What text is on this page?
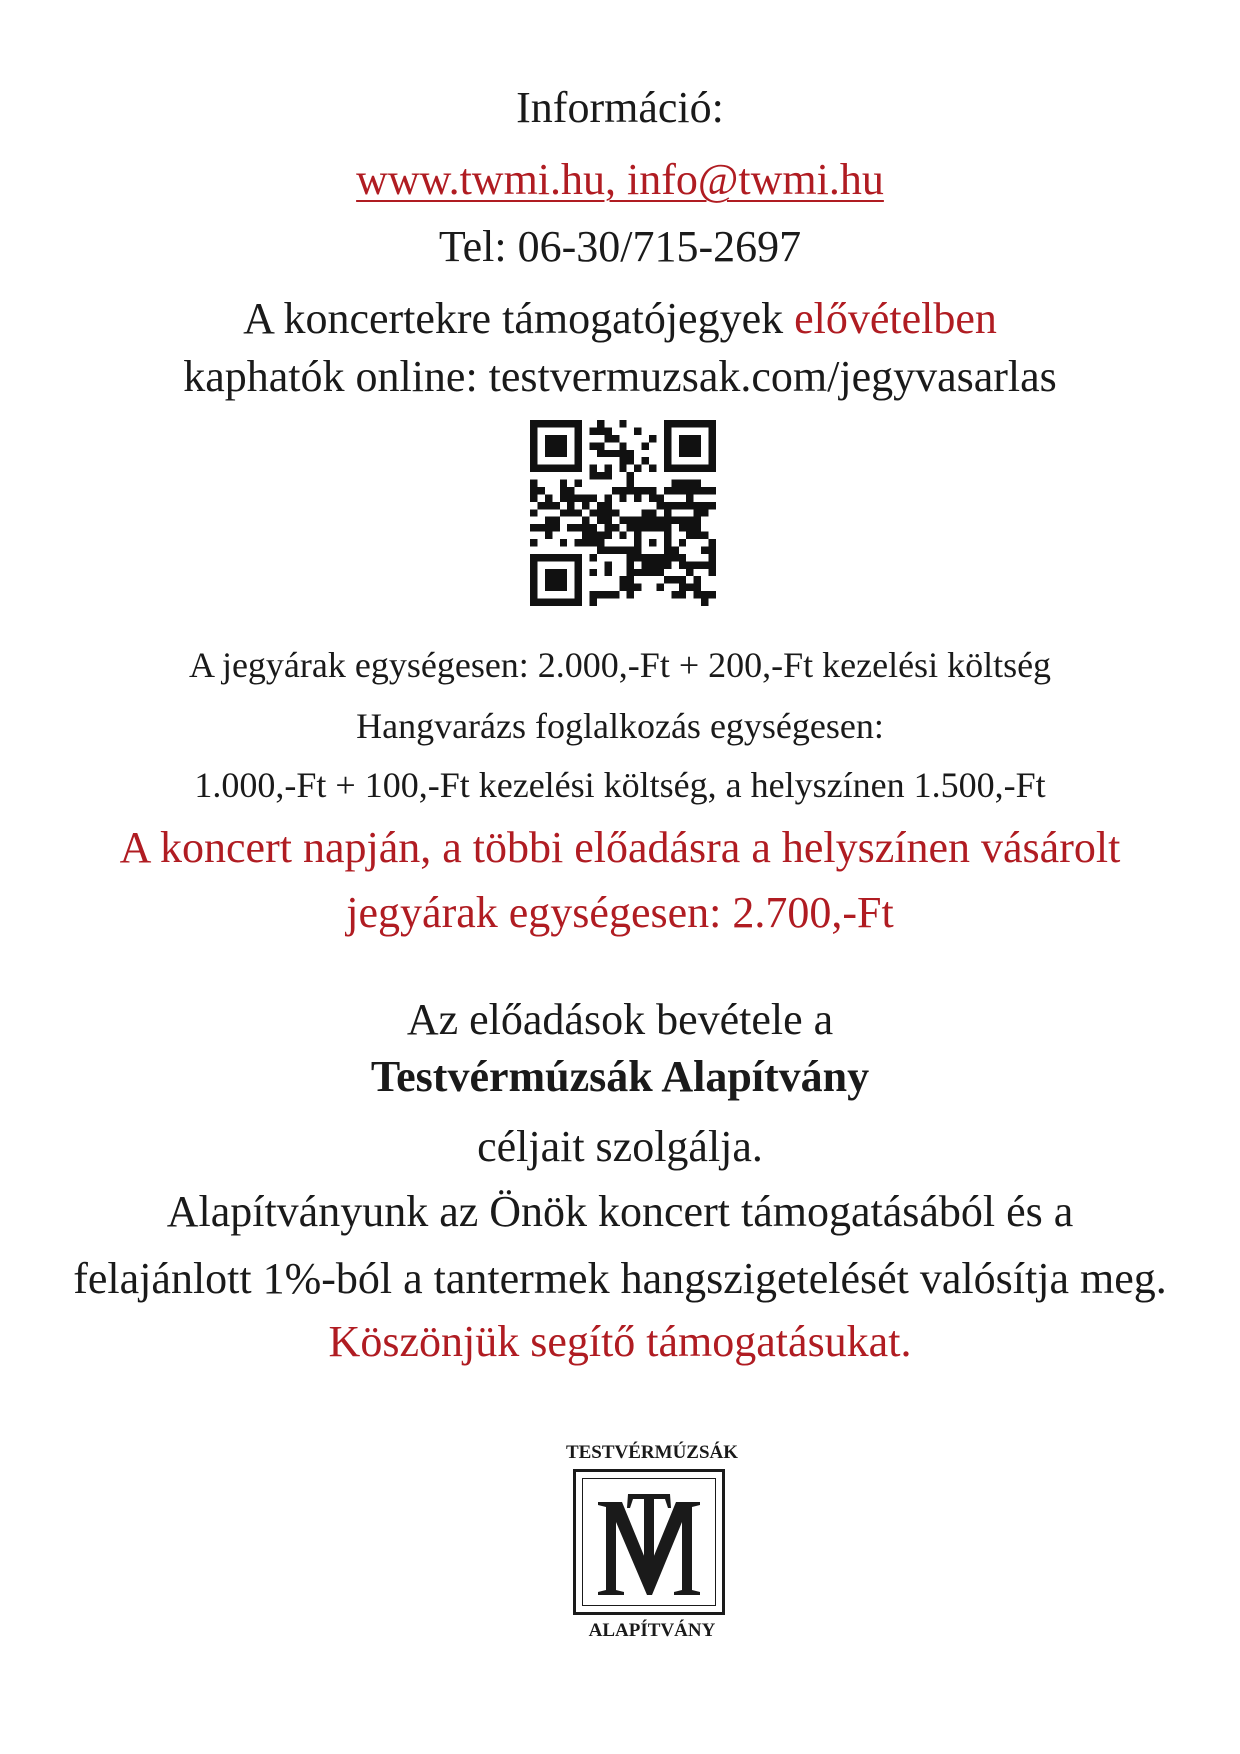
Információ:
www.twmi.hu, info@twmi.hu
Tel: 06-30/715-2697
A koncertekre támogatójegyek elővételben
kaphatók online: testvermuzsak.com/jegyvasarlas
A jegyárak egységesen: 2.000,-Ft + 200,-Ft kezelési költség
Hangvarázs foglalkozás egységesen:
1.000,-Ft + 100,-Ft kezelési költség, a helyszínen 1.500,-Ft
A koncert napján, a többi előadásra a helyszínen vásárolt
jegyárak egységesen: 2.700,-Ft
Az előadások bevétele a
Testvérmúzsák Alapítvány
céljait szolgálja.
Alapítványunk az Önök koncert támogatásából és a
felajánlott 1%-ból a tantermek hangszigetelését valósítja meg.
Köszönjük segítő támogatásukat.
TESTVÉRMÚZSÁK
ALAPÍTVÁNY
